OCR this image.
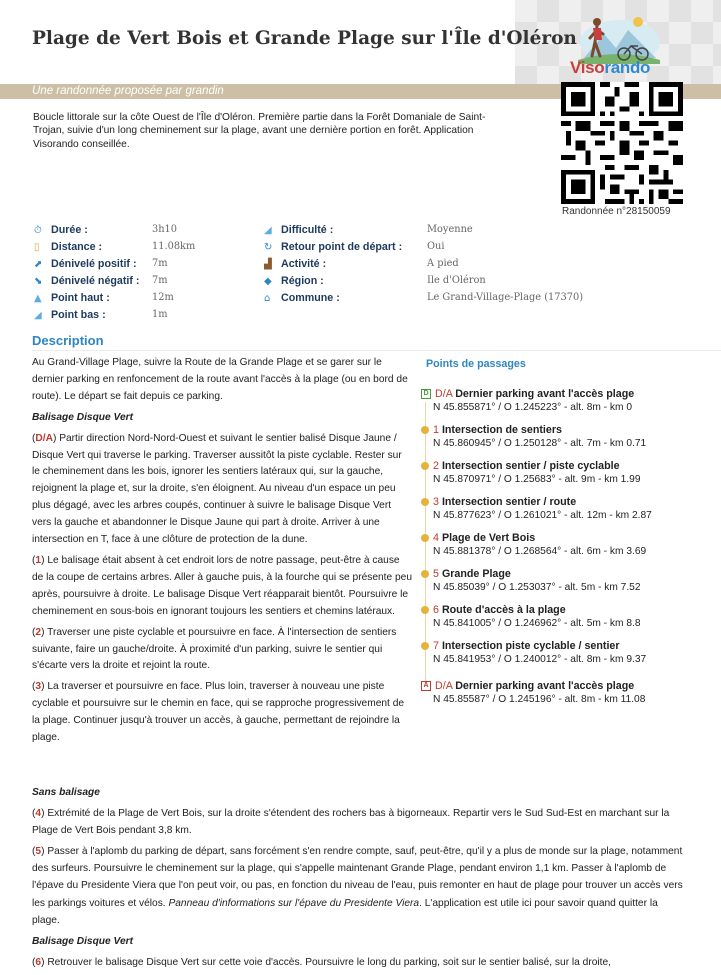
Plage de Vert Bois et Grande Plage sur l'Île d'Oléron
Une randonnée proposée par grandin
Visorando
Randonnée n°28150059

Boucle littorale sur la côte Ouest de l'Île d'Oléron. Première partie dans la Forêt Domaniale de Saint-Trojan, suivie d'un long cheminement sur la plage, avant une dernière portion en forêt. Application Visorando conseillée.

⏱ Durée :	3h10
▯	Distance :	11.08km
⬈ Dénivelé positif : 7m
⬊ Dénivelé négatif : 7m
▲ Point haut :	12m
◢ Point bas :	1m
◢ Difficulté :	Moyenne
↻ Retour point de départ :	Oui
▟ Activité :	A pied
◆ Région :	Ile d'Oléron
⌂ Commune :	Le Grand-Village-Plage (17370)
Description

Au Grand-Village Plage, suivre la Route de la Grande Plage et se garer sur le dernier parking en renfoncement de la route avant l'accès à la plage (ou en bord de route). Le départ se fait depuis ce parking.

Balisage Disque Vert

(D/A) Partir direction Nord-Nord-Ouest et suivant le sentier balisé Disque Jaune / Disque Vert qui traverse le parking. Traverser aussitôt la piste cyclable. Rester sur le cheminement dans les bois, ignorer les sentiers latéraux qui, sur la gauche, rejoignent la plage et, sur la droite, s'en éloignent. Au niveau d'un espace un peu plus dégagé, avec les arbres coupés, continuer à suivre le balisage Disque Vert vers la gauche et abandonner le Disque Jaune qui part à droite. Arriver à une intersection en T, face à une clôture de protection de la dune.

(1) Le balisage était absent à cet endroit lors de notre passage, peut-être à cause de la coupe de certains arbres. Aller à gauche puis, à la fourche qui se présente peu après, poursuivre à droite. Le balisage Disque Vert réapparait bientôt. Poursuivre le cheminement en sous-bois en ignorant toujours les sentiers et chemins latéraux.

(2) Traverser une piste cyclable et poursuivre en face. À l'intersection de sentiers suivante, faire un gauche/droite. À proximité d'un parking, suivre le sentier qui s'écarte vers la droite et rejoint la route.

(3) La traverser et poursuivre en face. Plus loin, traverser à nouveau une piste cyclable et poursuivre sur le chemin en face, qui se rapproche progressivement de la plage. Continuer jusqu'à trouver un accès, à gauche, permettant de rejoindre la plage.

Sans balisage

(4) Extrémité de la Plage de Vert Bois, sur la droite s'étendent des rochers bas à bigorneaux. Repartir vers le Sud Sud-Est en marchant sur la Plage de Vert Bois pendant 3,8 km.

(5) Passer à l'aplomb du parking de départ, sans forcément s'en rendre compte, sauf, peut-être, qu'il y a plus de monde sur la plage, notamment des surfeurs. Poursuivre le cheminement sur la plage, qui s'appelle maintenant Grande Plage, pendant environ 1,1 km. Passer à l'aplomb de l'épave du Presidente Viera que l'on peut voir, ou pas, en fonction du niveau de l'eau, puis remonter en haut de plage pour trouver un accès vers les parkings voitures et vélos. Panneau d'informations sur l'épave du Presidente Viera. L'application est utile ici pour savoir quand quitter la plage.

Balisage Disque Vert

(6) Retrouver le balisage Disque Vert sur cette voie d'accès. Poursuivre le long du parking, soit sur le sentier balisé, sur la droite,

Points de passages
D D/A Dernier parking avant l'accès plage
N 45.855871° / O 1.245223° - alt. 8m - km 0
1 Intersection de sentiers
N 45.860945° / O 1.250128° - alt. 7m - km 0.71
2 Intersection sentier / piste cyclable
N 45.870971° / O 1.25683° - alt. 9m - km 1.99
3 Intersection sentier / route
N 45.877623° / O 1.261021° - alt. 12m - km 2.87
4 Plage de Vert Bois
N 45.881378° / O 1.268564° - alt. 6m - km 3.69
5 Grande Plage
N 45.85039° / O 1.253037° - alt. 5m - km 7.52
6 Route d'accès à la plage
N 45.841005° / O 1.246962° - alt. 5m - km 8.8
7 Intersection piste cyclable / sentier
N 45.841953° / O 1.240012° - alt. 8m - km 9.37
A D/A Dernier parking avant l'accès plage
N 45.85587° / O 1.245196° - alt. 8m - km 11.08
